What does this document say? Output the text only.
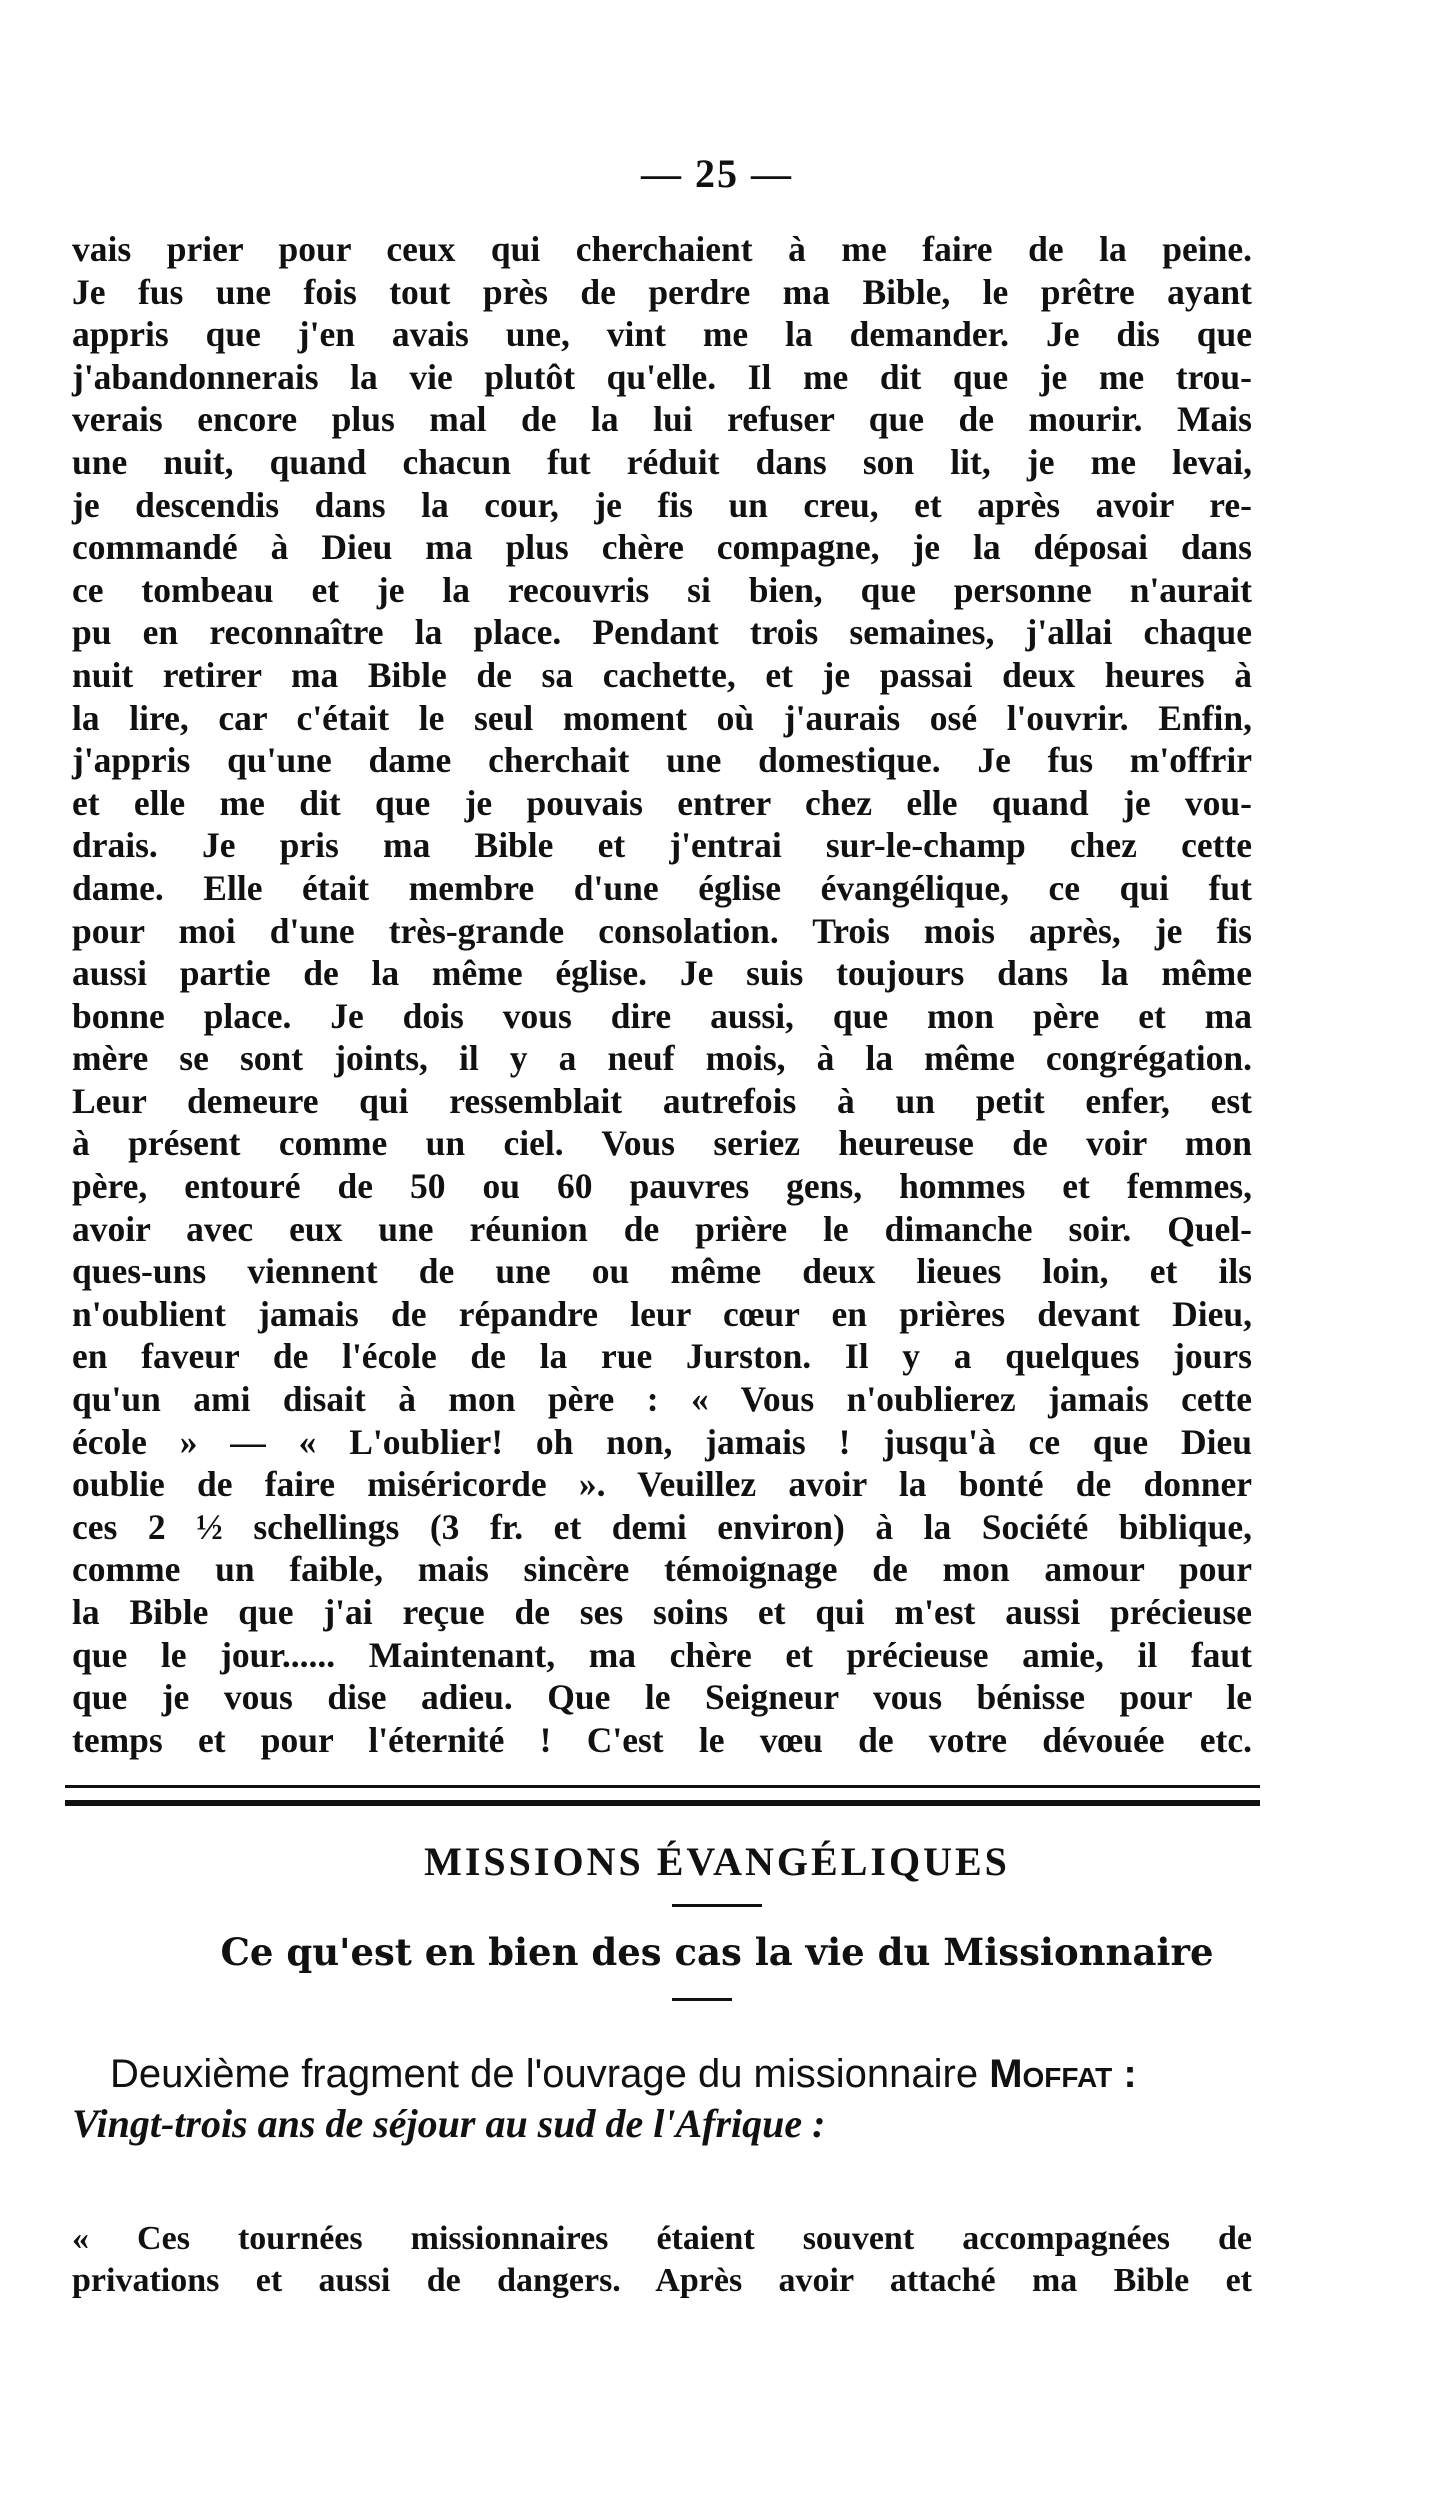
— 25 —
vais prier pour ceux qui cherchaient à me faire de la peine.
Je fus une fois tout près de perdre ma Bible, le prêtre ayant
appris que j'en avais une, vint me la demander. Je dis que
j'abandonnerais la vie plutôt qu'elle. Il me dit que je me trou-
verais encore plus mal de la lui refuser que de mourir. Mais
une nuit, quand chacun fut réduit dans son lit, je me levai,
je descendis dans la cour, je fis un creu, et après avoir re-
commandé à Dieu ma plus chère compagne, je la déposai dans
ce tombeau et je la recouvris si bien, que personne n'aurait
pu en reconnaître la place. Pendant trois semaines, j'allai chaque
nuit retirer ma Bible de sa cachette, et je passai deux heures à
la lire, car c'était le seul moment où j'aurais osé l'ouvrir. Enfin,
j'appris qu'une dame cherchait une domestique. Je fus m'offrir
et elle me dit que je pouvais entrer chez elle quand je vou-
drais. Je pris ma Bible et j'entrai sur-le-champ chez cette
dame. Elle était membre d'une église évangélique, ce qui fut
pour moi d'une très-grande consolation. Trois mois après, je fis
aussi partie de la même église. Je suis toujours dans la même
bonne place. Je dois vous dire aussi, que mon père et ma
mère se sont joints, il y a neuf mois, à la même congrégation.
Leur demeure qui ressemblait autrefois à un petit enfer, est
à présent comme un ciel. Vous seriez heureuse de voir mon
père, entouré de 50 ou 60 pauvres gens, hommes et femmes,
avoir avec eux une réunion de prière le dimanche soir. Quel-
ques-uns viennent de une ou même deux lieues loin, et ils
n'oublient jamais de répandre leur cœur en prières devant Dieu,
en faveur de l'école de la rue Jurston. Il y a quelques jours
qu'un ami disait à mon père : « Vous n'oublierez jamais cette
école » — « L'oublier! oh non, jamais ! jusqu'à ce que Dieu
oublie de faire miséricorde ». Veuillez avoir la bonté de donner
ces 2 ½ schellings (3 fr. et demi environ) à la Société biblique,
comme un faible, mais sincère témoignage de mon amour pour
la Bible que j'ai reçue de ses soins et qui m'est aussi précieuse
que le jour...... Maintenant, ma chère et précieuse amie, il faut
que je vous dise adieu. Que le Seigneur vous bénisse pour le
temps et pour l'éternité ! C'est le vœu de votre dévouée etc.
MISSIONS ÉVANGÉLIQUES
Ce qu'est en bien des cas la vie du Missionnaire
Deuxième fragment de l'ouvrage du missionnaire Moffat :
Vingt-trois ans de séjour au sud de l'Afrique :
« Ces tournées missionnaires étaient souvent accompagnées de
privations et aussi de dangers. Après avoir attaché ma Bible et
